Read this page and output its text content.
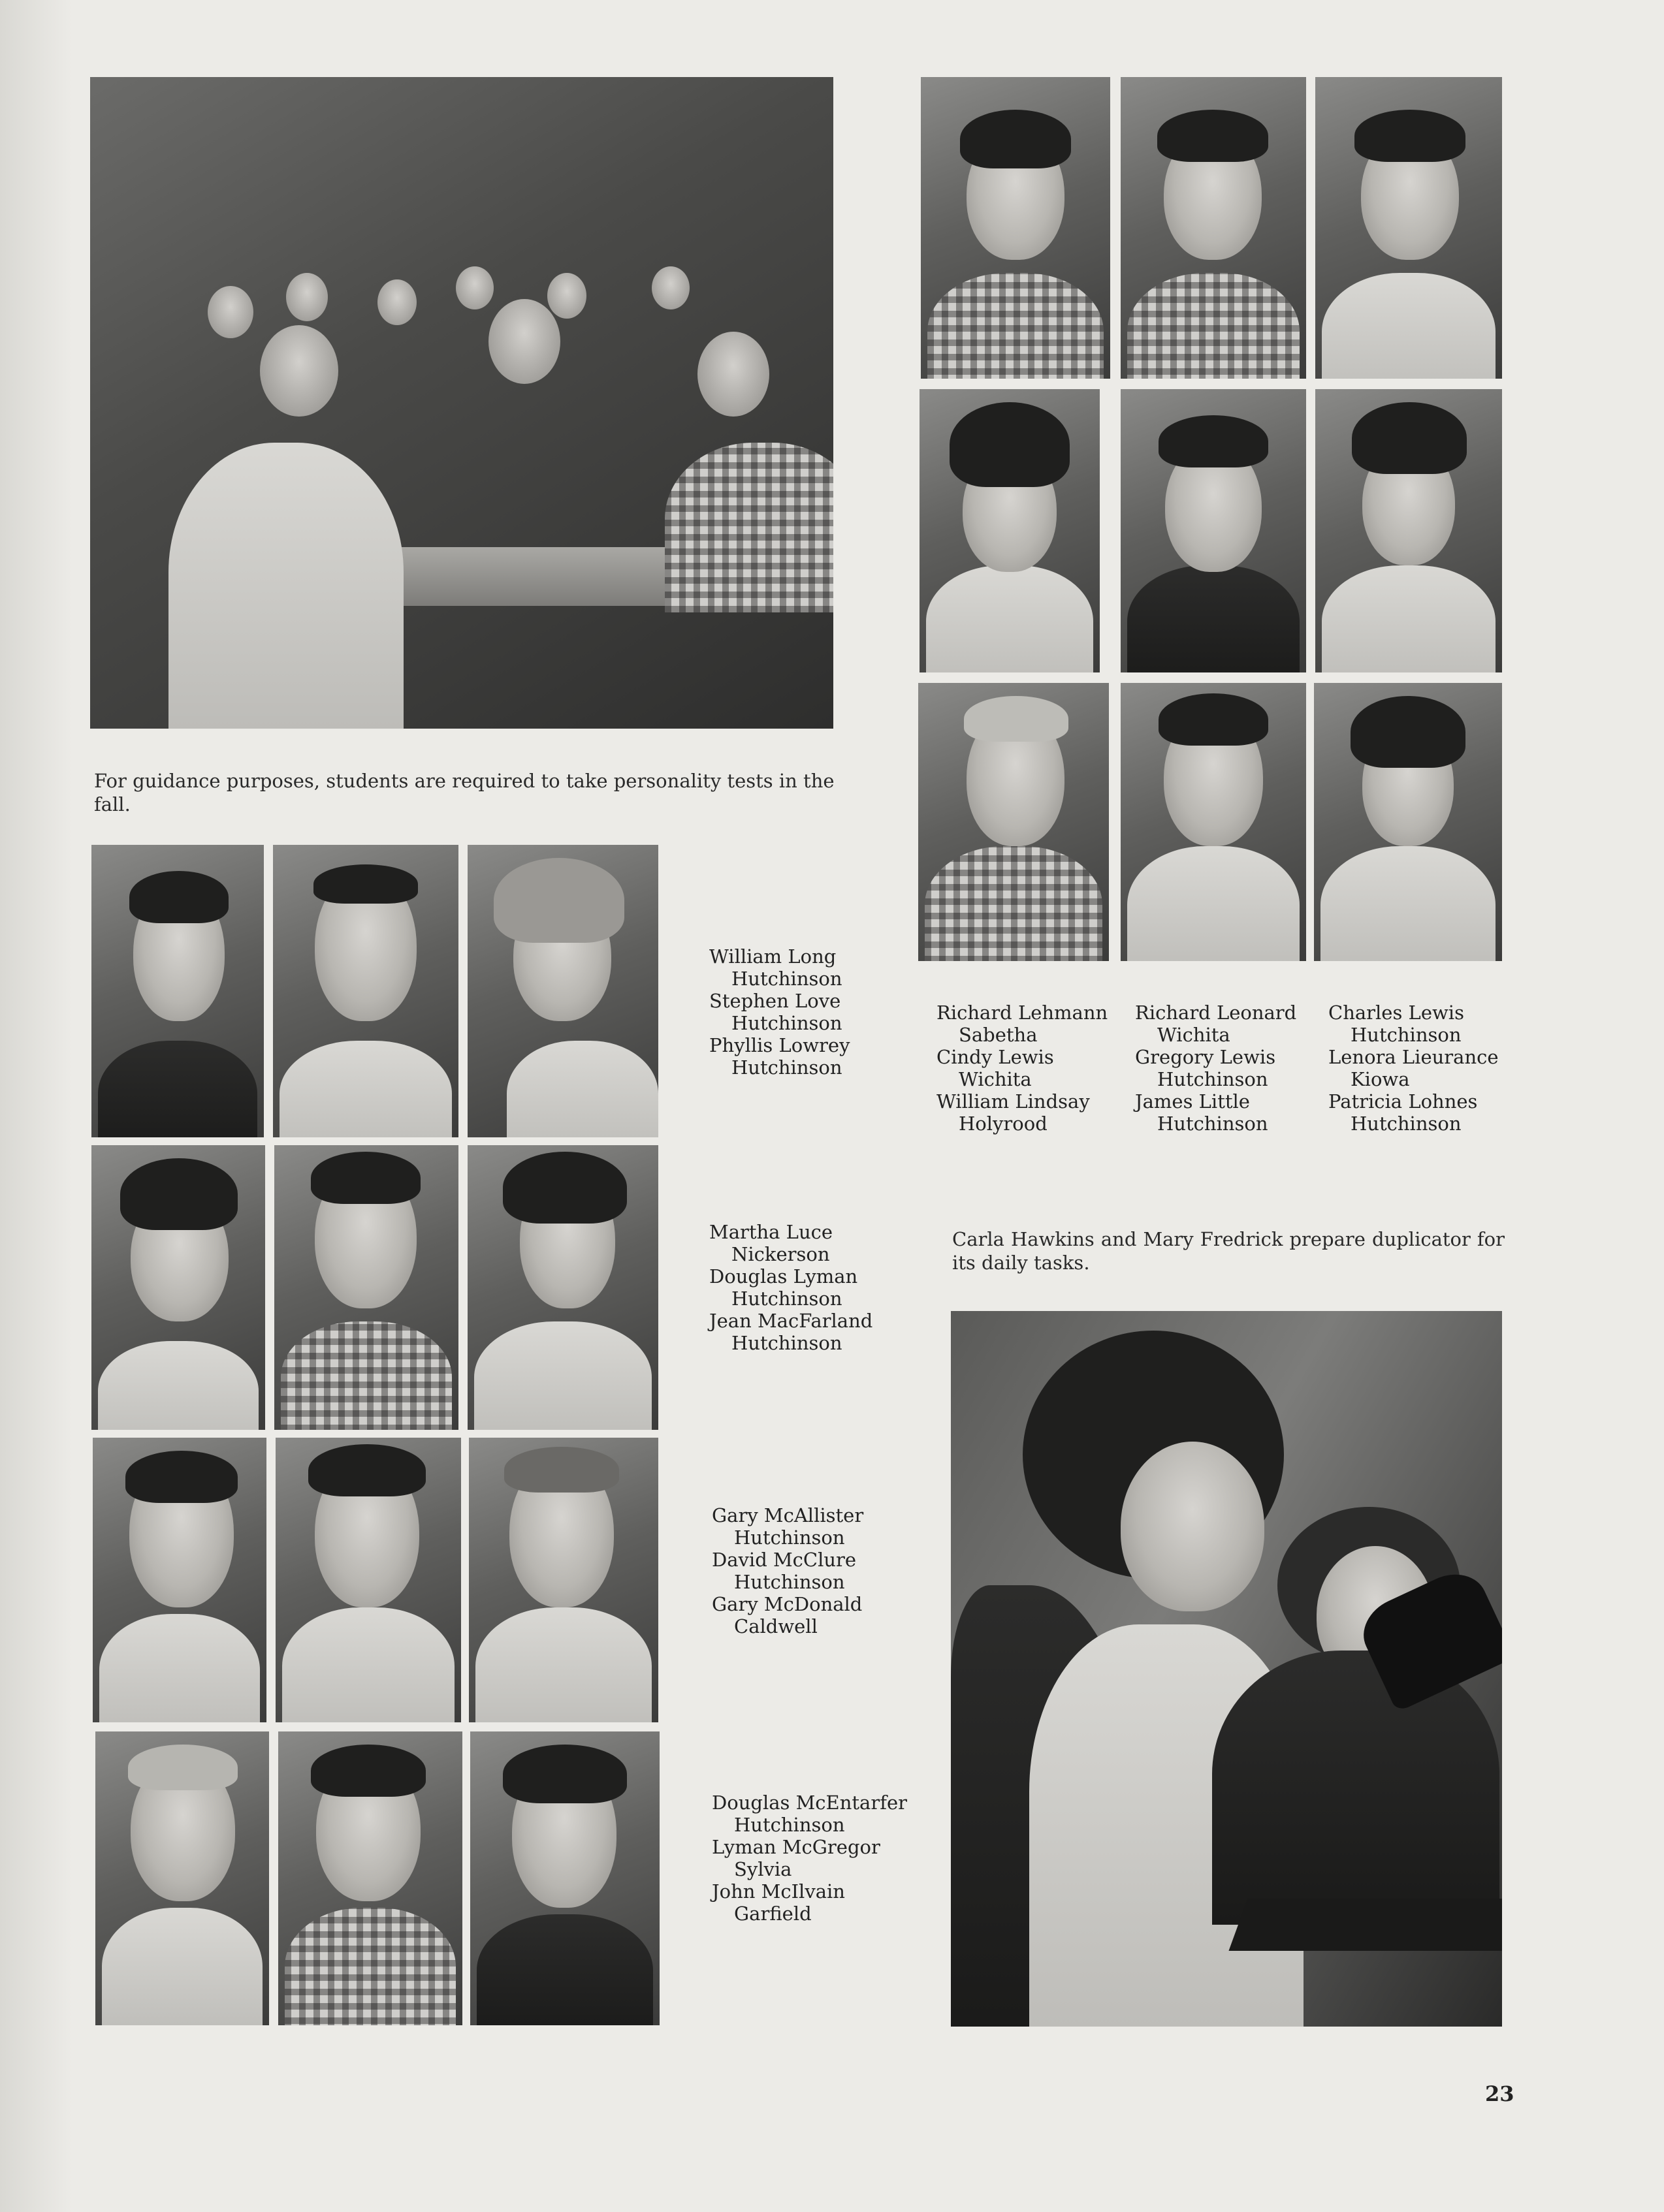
For guidance purposes, students are required to take personality tests in the fall.

Richard Lehmann
Sabetha
Cindy Lewis
Wichita
William Lindsay
Holyrood
Richard Leonard
Wichita
Gregory Lewis
Hutchinson
James Little
Hutchinson
Charles Lewis
Hutchinson
Lenora Lieurance
Kiowa
Patricia Lohnes
Hutchinson
William Long
Hutchinson
Stephen Love
Hutchinson
Phyllis Lowrey
Hutchinson
Martha Luce
Nickerson
Douglas Lyman
Hutchinson
Jean MacFarland
Hutchinson
Gary McAllister
Hutchinson
David McClure
Hutchinson
Gary McDonald
Caldwell
Douglas McEntarfer
Hutchinson
Lyman McGregor
Sylvia
John McIlvain
Garfield

Carla Hawkins and Mary Fredrick prepare duplicator for its daily tasks.

23
